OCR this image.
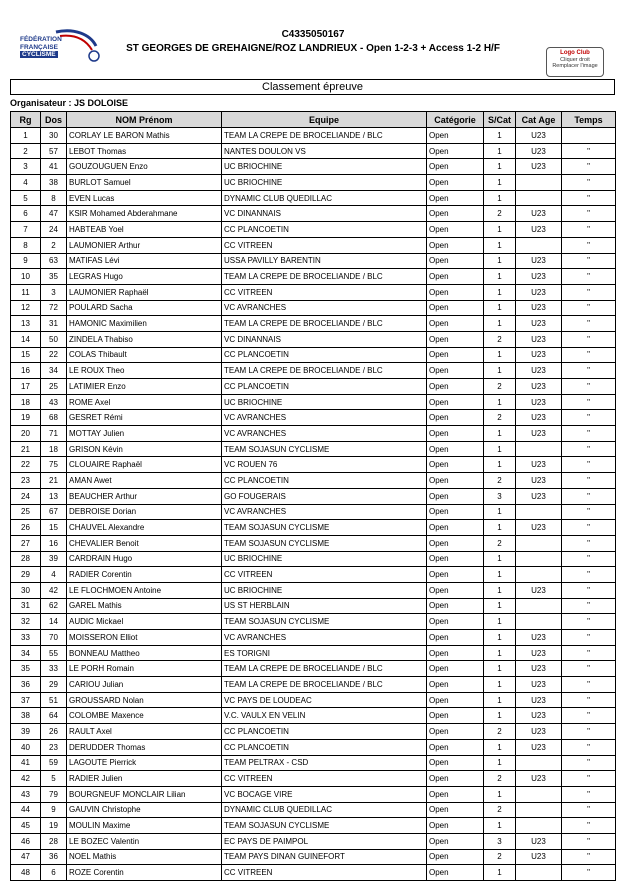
FÉDÉRATION
FRANÇAISE
CYCLISME
C4335050167
ST GEORGES DE GREHAIGNE/ROZ LANDRIEUX - Open 1-2-3 + Access 1-2 H/F	Logo Club
Cliquer droit
Remplacer l'image
Classement épreuve
Organisateur : JS DOLOISE
Rg	Dos	NOM Prénom	Equipe	Catégorie	S/Cat	Cat Age	Temps
1	30	CORLAY LE BARON Mathis	TEAM LA CREPE DE BROCELIANDE / BLC	Open	1	U23	
2	57	LEBOT Thomas	NANTES DOULON VS	Open	1	U23	"
3	41	GOUZOUGUEN Enzo	UC BRIOCHINE	Open	1	U23	"
4	38	BURLOT Samuel	UC BRIOCHINE	Open	1		"
5	8	EVEN Lucas	DYNAMIC CLUB QUEDILLAC	Open	1		"
6	47	KSIR Mohamed Abderahmane	VC DINANNAIS	Open	2	U23	"
7	24	HABTEAB Yoel	CC PLANCOETIN	Open	1	U23	"
8	2	LAUMONIER Arthur	CC VITREEN	Open	1		"
9	63	MATIFAS Lévi	USSA PAVILLY BARENTIN	Open	1	U23	"
10	35	LEGRAS Hugo	TEAM LA CREPE DE BROCELIANDE / BLC	Open	1	U23	"
11	3	LAUMONIER Raphaël	CC VITREEN	Open	1	U23	"
12	72	POULARD Sacha	VC AVRANCHES	Open	1	U23	"
13	31	HAMONIC Maximilien	TEAM LA CREPE DE BROCELIANDE / BLC	Open	1	U23	"
14	50	ZINDELA Thabiso	VC DINANNAIS	Open	2	U23	"
15	22	COLAS Thibault	CC PLANCOETIN	Open	1	U23	"
16	34	LE ROUX Theo	TEAM LA CREPE DE BROCELIANDE / BLC	Open	1	U23	"
17	25	LATIMIER Enzo	CC PLANCOETIN	Open	2	U23	"
18	43	ROME Axel	UC BRIOCHINE	Open	1	U23	"
19	68	GESRET Rémi	VC AVRANCHES	Open	2	U23	"
20	71	MOTTAY Julien	VC AVRANCHES	Open	1	U23	"
21	18	GRISON Kévin	TEAM SOJASUN CYCLISME	Open	1		"
22	75	CLOUAIRE Raphaël	VC ROUEN 76	Open	1	U23	"
23	21	AMAN Awet	CC PLANCOETIN	Open	2	U23	"
24	13	BEAUCHER Arthur	GO FOUGERAIS	Open	3	U23	"
25	67	DEBROISE Dorian	VC AVRANCHES	Open	1		"
26	15	CHAUVEL Alexandre	TEAM SOJASUN CYCLISME	Open	1	U23	"
27	16	CHEVALIER Benoit	TEAM SOJASUN CYCLISME	Open	2		"
28	39	CARDRAIN Hugo	UC BRIOCHINE	Open	1		"
29	4	RADIER Corentin	CC VITREEN	Open	1		"
30	42	LE FLOCHMOEN Antoine	UC BRIOCHINE	Open	1	U23	"
31	62	GAREL Mathis	US ST HERBLAIN	Open	1		"
32	14	AUDIC Mickael	TEAM SOJASUN CYCLISME	Open	1		"
33	70	MOISSERON Elliot	VC AVRANCHES	Open	1	U23	"
34	55	BONNEAU Mattheo	ES TORIGNI	Open	1	U23	"
35	33	LE PORH Romain	TEAM LA CREPE DE BROCELIANDE / BLC	Open	1	U23	"
36	29	CARIOU Julian	TEAM LA CREPE DE BROCELIANDE / BLC	Open	1	U23	"
37	51	GROUSSARD Nolan	VC PAYS DE LOUDEAC	Open	1	U23	"
38	64	COLOMBE Maxence	V.C. VAULX EN VELIN	Open	1	U23	"
39	26	RAULT Axel	CC PLANCOETIN	Open	2	U23	"
40	23	DERUDDER Thomas	CC PLANCOETIN	Open	1	U23	"
41	59	LAGOUTE Pierrick	TEAM PELTRAX - CSD	Open	1		"
42	5	RADIER Julien	CC VITREEN	Open	2	U23	"
43	79	BOURGNEUF MONCLAIR Lilian	VC BOCAGE VIRE	Open	1		"
44	9	GAUVIN Christophe	DYNAMIC CLUB QUEDILLAC	Open	2		"
45	19	MOULIN Maxime	TEAM SOJASUN CYCLISME	Open	1		"
46	28	LE BOZEC Valentin	EC PAYS DE PAIMPOL	Open	3	U23	"
47	36	NOEL Mathis	TEAM PAYS DINAN GUINEFORT	Open	2	U23	"
48	6	ROZE Corentin	CC VITREEN	Open	1		"
